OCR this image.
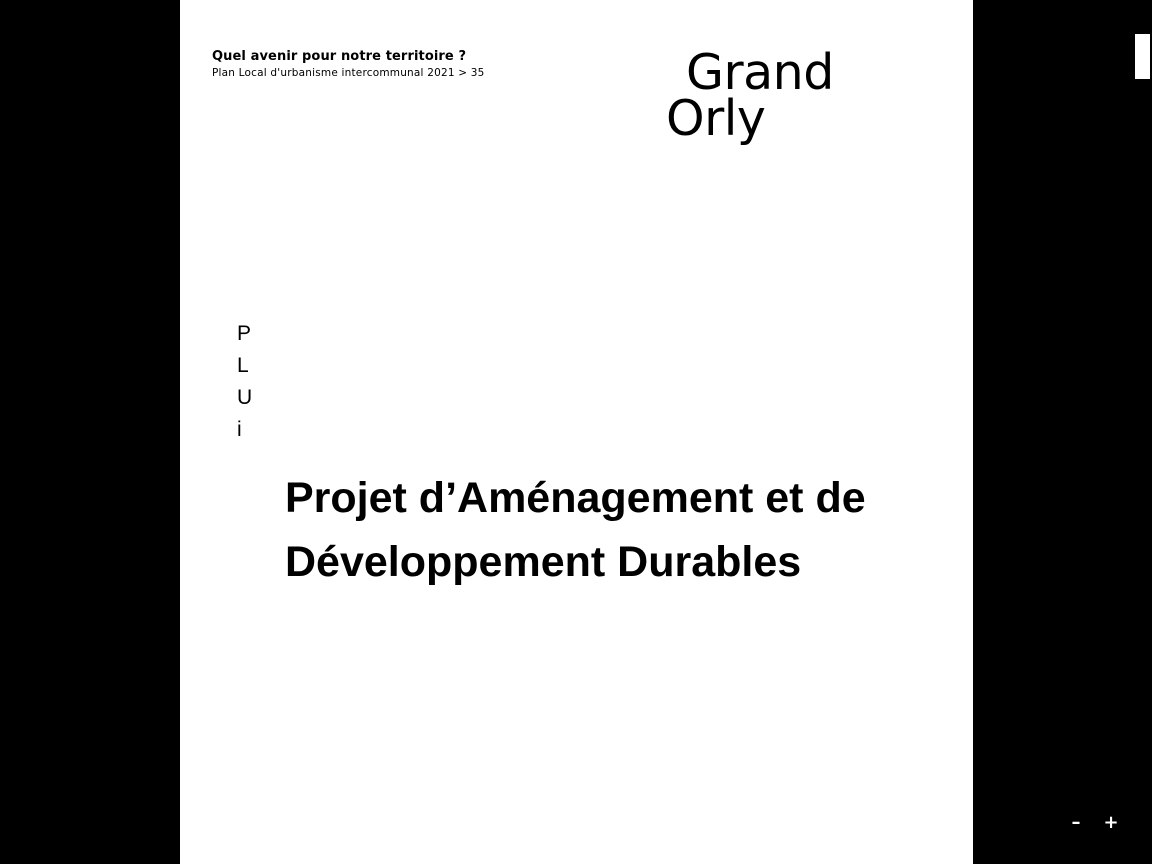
Quel avenir pour notre territoire ?
Plan Local d'urbanisme intercommunal 2021 > 35	Grand
Orly
P
L
U
i
Projet d’Aménagement et de
Développement Durables
–	+
